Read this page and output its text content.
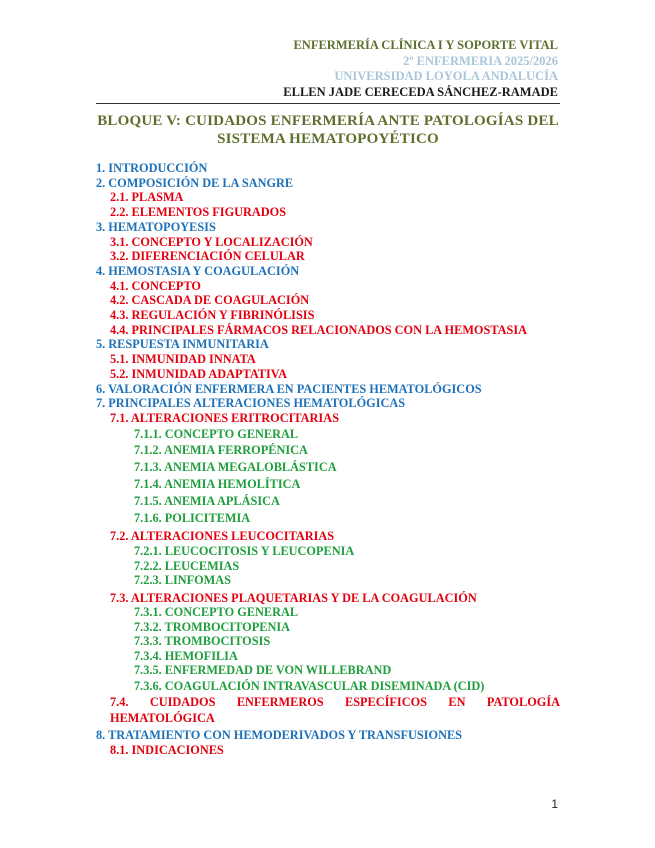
ENFERMERÍA CLÍNICA I Y SOPORTE VITAL
2º ENFERMERIA 2025/2026
UNIVERSIDAD LOYOLA ANDALUCÍA
ELLEN JADE CERECEDA SÁNCHEZ-RAMADE
BLOQUE V: CUIDADOS ENFERMERÍA ANTE PATOLOGÍAS DEL SISTEMA HEMATOPOYÉTICO
1. INTRODUCCIÓN
2. COMPOSICIÓN DE LA SANGRE
2.1. PLASMA
2.2. ELEMENTOS FIGURADOS
3. HEMATOPOYESIS
3.1. CONCEPTO Y LOCALIZACIÓN
3.2. DIFERENCIACIÓN CELULAR
4. HEMOSTASIA Y COAGULACIÓN
4.1. CONCEPTO
4.2. CASCADA DE COAGULACIÓN
4.3. REGULACIÓN Y FIBRINÓLISIS
4.4. PRINCIPALES FÁRMACOS RELACIONADOS CON LA HEMOSTASIA
5. RESPUESTA INMUNITARIA
5.1. INMUNIDAD INNATA
5.2. INMUNIDAD ADAPTATIVA
6. VALORACIÓN ENFERMERA EN PACIENTES HEMATOLÓGICOS
7. PRINCIPALES ALTERACIONES HEMATOLÓGICAS
7.1. ALTERACIONES ERITROCITARIAS
7.1.1. CONCEPTO GENERAL
7.1.2. ANEMIA FERROPÉNICA
7.1.3. ANEMIA MEGALOBLÁSTICA
7.1.4. ANEMIA HEMOLÍTICA
7.1.5. ANEMIA APLÁSICA
7.1.6. POLICITEMIA
7.2. ALTERACIONES LEUCOCITARIAS
7.2.1. LEUCOCITOSIS Y LEUCOPENIA
7.2.2. LEUCEMIAS
7.2.3. LINFOMAS
7.3. ALTERACIONES PLAQUETARIAS Y DE LA COAGULACIÓN
7.3.1. CONCEPTO GENERAL
7.3.2. TROMBOCITOPENIA
7.3.3. TROMBOCITOSIS
7.3.4. HEMOFILIA
7.3.5. ENFERMEDAD DE VON WILLEBRAND
7.3.6. COAGULACIÓN INTRAVASCULAR DISEMINADA (CID)
7.4. CUIDADOS ENFERMEROS ESPECÍFICOS EN PATOLOGÍA HEMATOLÓGICA
8. TRATAMIENTO CON HEMODERIVADOS Y TRANSFUSIONES
8.1. INDICACIONES
1
